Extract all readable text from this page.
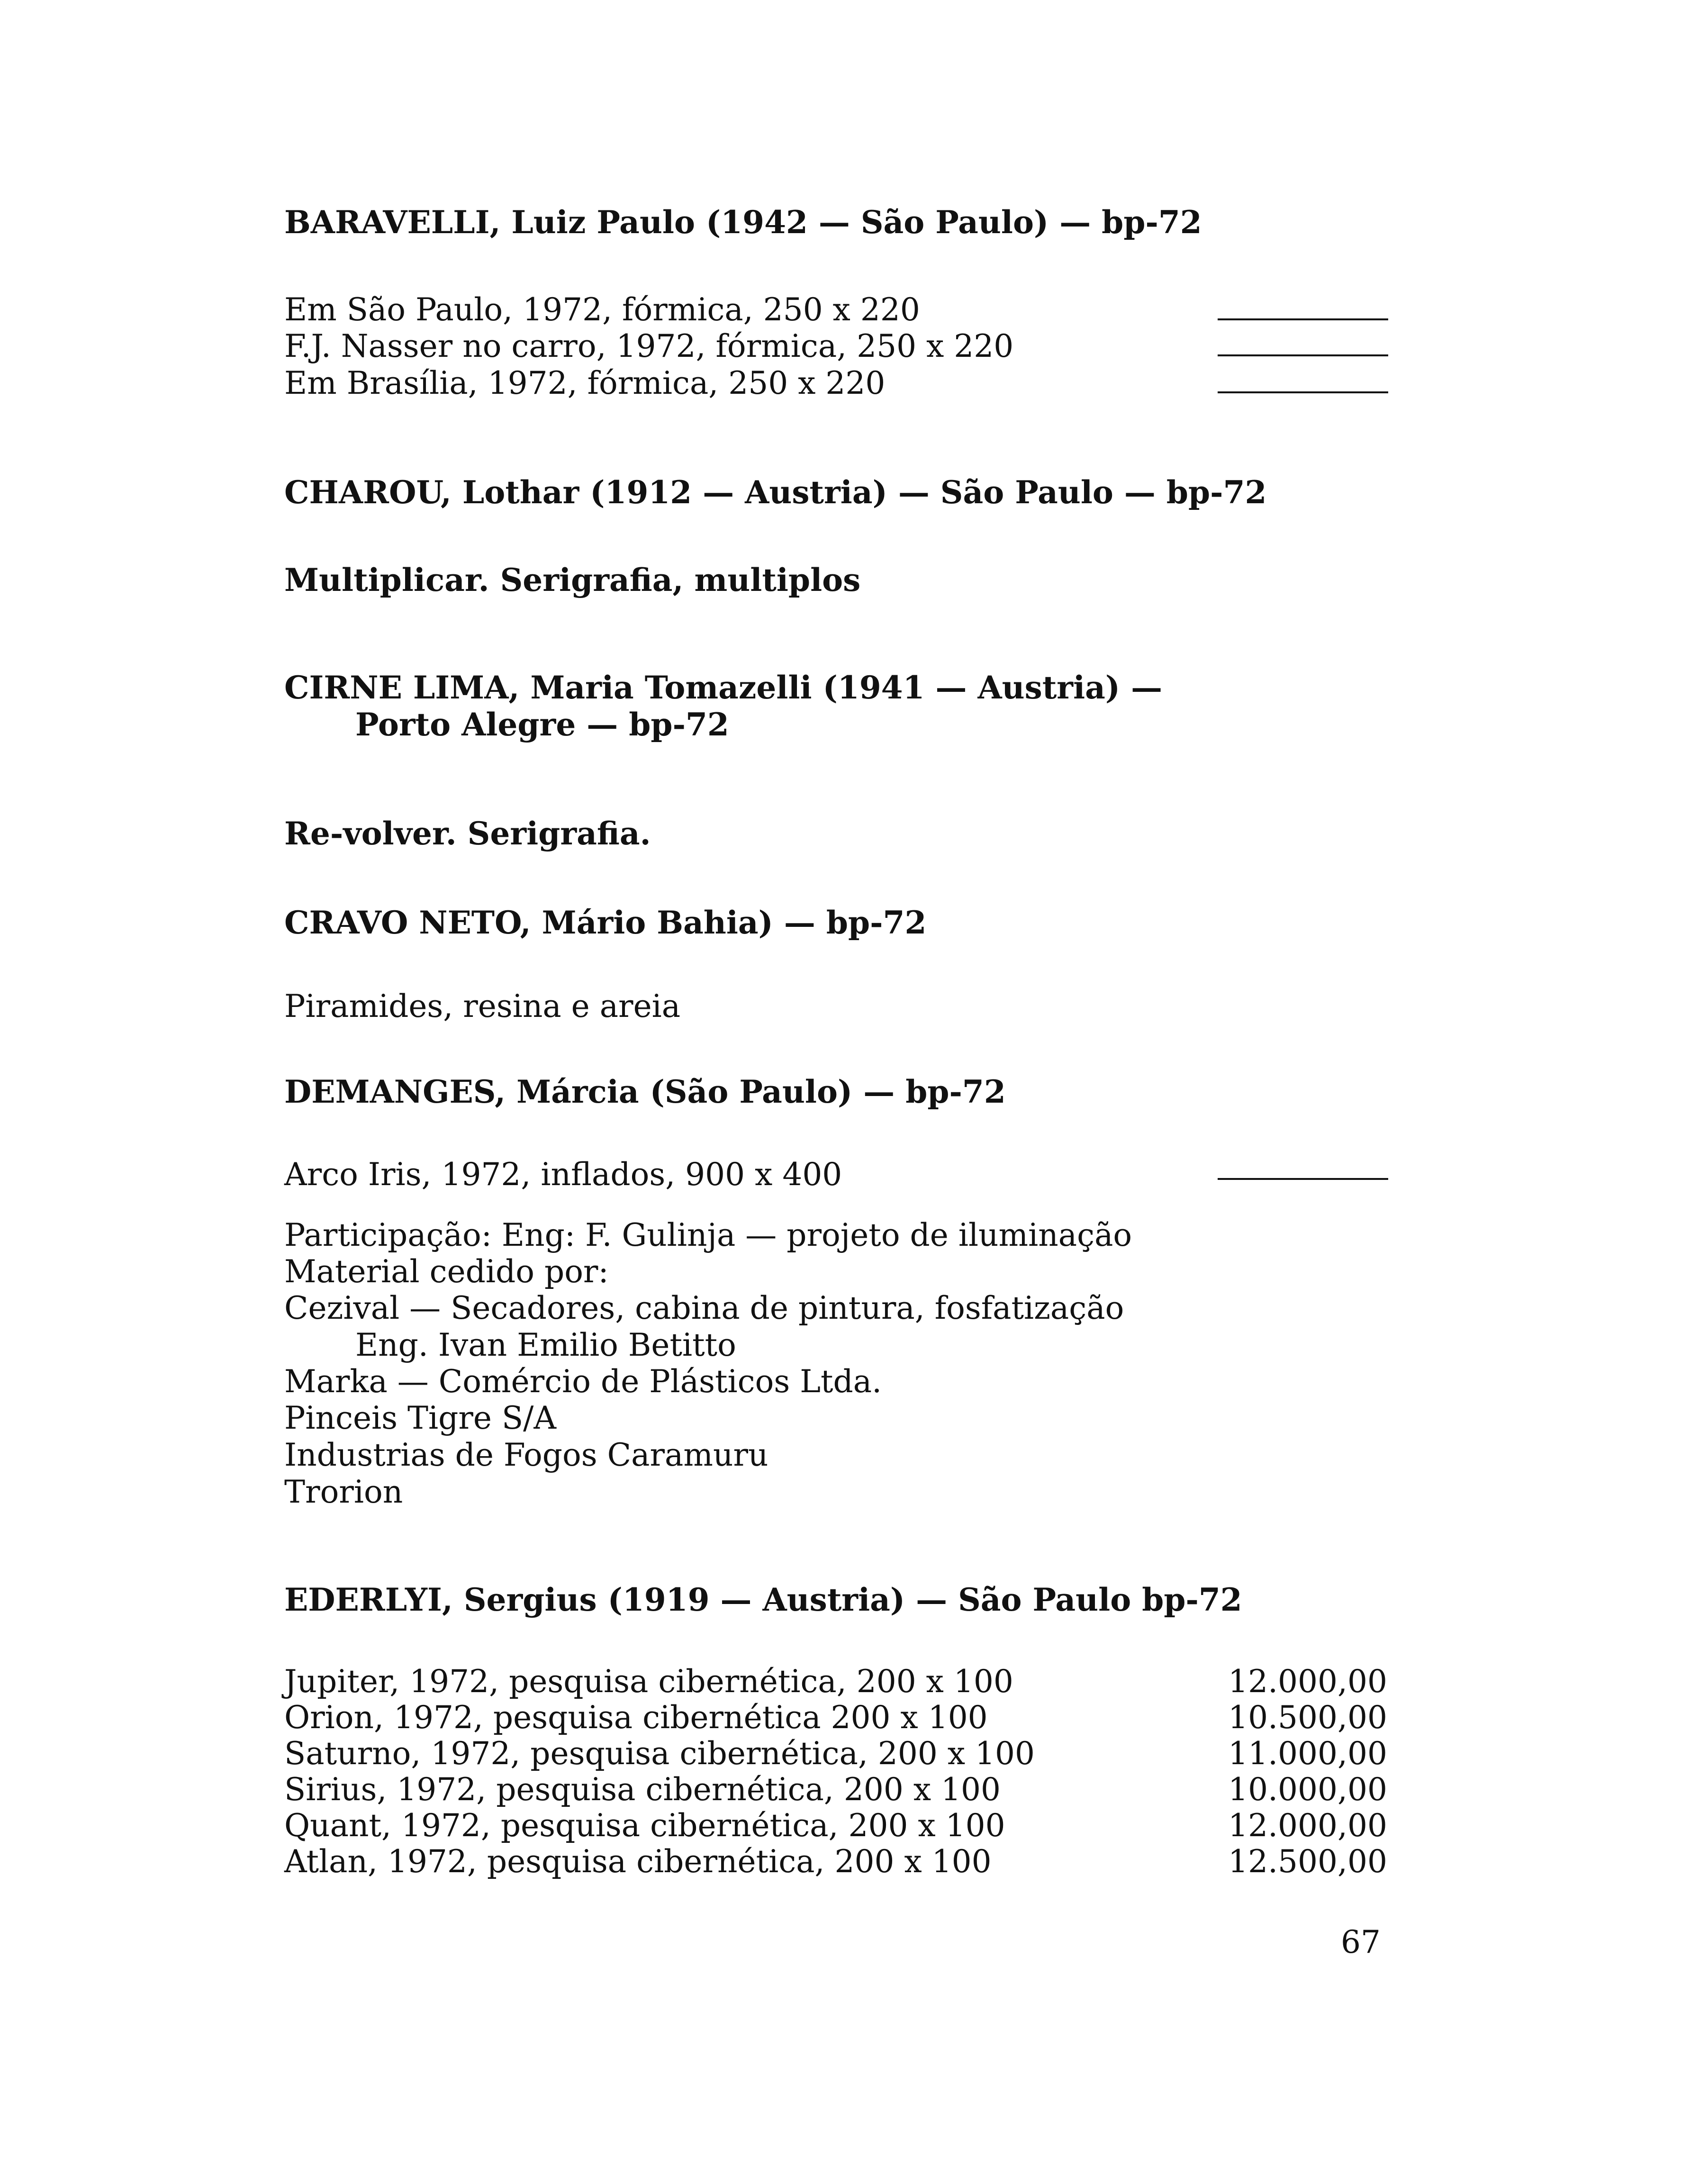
BARAVELLI, Luiz Paulo (1942 — São Paulo) — bp-72
Em São Paulo, 1972, fórmica, 250 x 220
F.J. Nasser no carro, 1972, fórmica, 250 x 220
Em Brasília, 1972, fórmica, 250 x 220
CHAROU, Lothar (1912 — Austria) — São Paulo — bp-72
Multiplicar. Serigrafia, multiplos
CIRNE LIMA, Maria Tomazelli (1941 — Austria) —
Porto Alegre — bp-72
Re-volver. Serigrafia.
CRAVO NETO, Mário Bahia) — bp-72
Piramides, resina e areia
DEMANGES, Márcia (São Paulo) — bp-72
Arco Iris, 1972, inflados, 900 x 400
Participação: Eng: F. Gulinja — projeto de iluminação
Material cedido por:
Cezival — Secadores, cabina de pintura, fosfatização
Eng. Ivan Emilio Betitto
Marka — Comércio de Plásticos Ltda.
Pinceis Tigre S/A
Industrias de Fogos Caramuru
Trorion
EDERLYI, Sergius (1919 — Austria) — São Paulo bp-72
Jupiter, 1972, pesquisa cibernética, 200 x 100	12.000,00
Orion, 1972, pesquisa cibernética 200 x 100	10.500,00
Saturno, 1972, pesquisa cibernética, 200 x 100	11.000,00
Sirius, 1972, pesquisa cibernética, 200 x 100	10.000,00
Quant, 1972, pesquisa cibernética, 200 x 100	12.000,00
Atlan, 1972, pesquisa cibernética, 200 x 100	12.500,00
67
